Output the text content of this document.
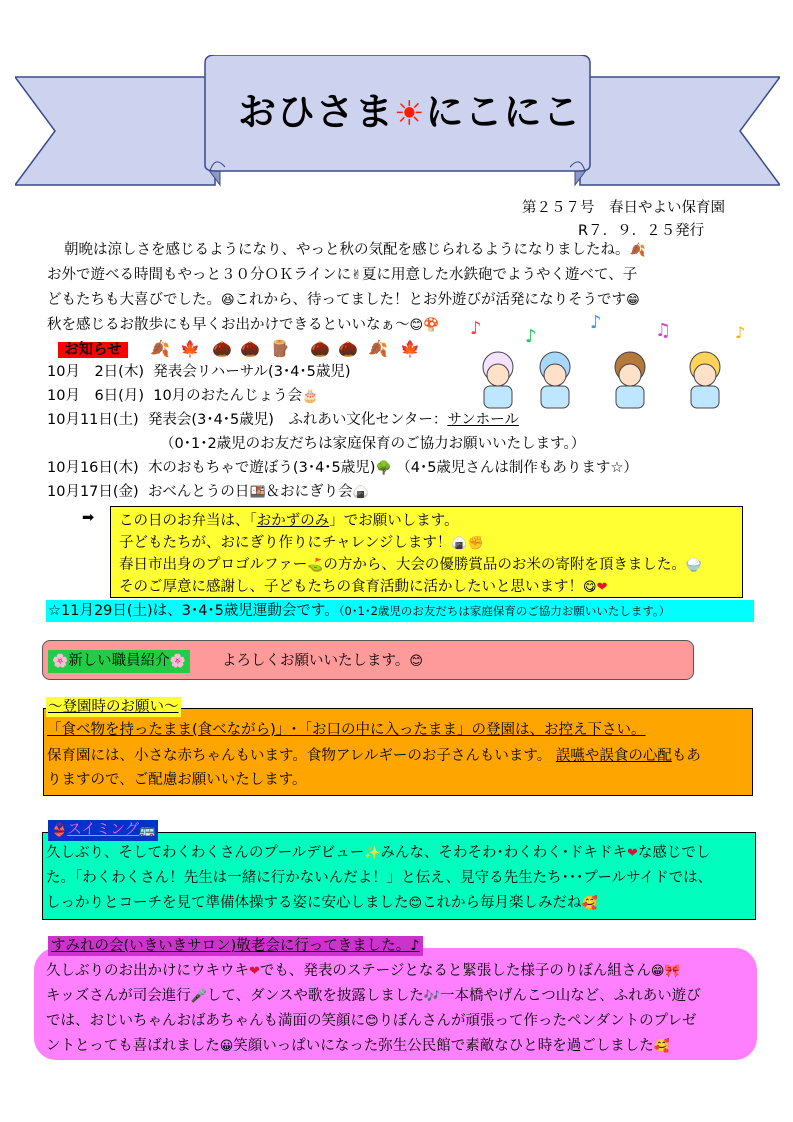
おひさま☀にこにこ
第２５７号　春日やよい保育園
R７．９．２５発行
朝晩は涼しさを感じるようになり、やっと秋の気配を感じられるようになりましたね。🍂
お外で遊べる時間もやっと３０分ＯＫラインに✌夏に用意した水鉄砲でようやく遊べて、子
どもたちも大喜びでした。😆これから、待ってました！とお外遊びが活発になりそうです😁
秋を感じるお散歩にも早くお出かけできるといいなぁ～😊🍄 ♪ ♪
♪	♫	♪
お知らせ	🍂 🍁 🌰 🌰 🪵 🌰 🌰 🍂 🍁
10月　2日(木) 発表会リハーサル(3･4･5歳児)
10月　6日(月) 10月のおたんじょう会🎂
10月11日(土) 発表会(3･4･5歳児)　ふれあい文化センター：サンホール
（0･1･2歳児のお友だちは家庭保育のご協力お願いいたします。）
10月16日(木) 木のおもちゃで遊ぼう(3･4･5歳児)🌳 （4･5歳児さんは制作もあります☆）
10月17日(金) おべんとうの日🍱＆おにぎり会🍙
➡ この日のお弁当は、「おかずのみ」でお願いします。
子どもたちが、おにぎり作りにチャレンジします！🍙✊
春日市出身のプロゴルファー⛳の方から、大会の優勝賞品のお米の寄附を頂きました。🍚
そのご厚意に感謝し、子どもたちの食育活動に活かしたいと思います！😋❤
☆11月29日(土)は、3･4･5歳児運動会です。（0･1･2歳児のお友だちは家庭保育のご協力お願いいたします。）
🌸新しい職員紹介🌸 よろしくお願いいたします。😊
～登園時のお願い～
「食べ物を持ったまま(食べながら)」･「お口の中に入ったまま」の登園は、お控え下さい。
保育園には、小さな赤ちゃんもいます。食物アレルギーのお子さんもいます。 誤嚥や誤食の心配もあ
りますので、ご配慮お願いいたします。
👙スイミング🚌
久しぶり、そしてわくわくさんのプールデビュー✨みんな、そわそわ･わくわく･ドキドキ❤な感じでし
た。「わくわくさん！先生は一緒に行かないんだよ！」と伝え、見守る先生たち･･･プールサイドでは、
しっかりとコーチを見て準備体操する姿に安心しました😊これから毎月楽しみだね🥰
すみれの会(いきいきサロン)敬老会に行ってきました。♪
久しぶりのお出かけにウキウキ❤でも、発表のステージとなると緊張した様子のりぼん組さん😁🎀
キッズさんが司会進行🎤して、ダンスや歌を披露しました🎶一本橋やげんこつ山など、ふれあい遊び
では、おじいちゃんおばあちゃんも満面の笑顔に😊りぼんさんが頑張って作ったペンダントのプレゼ
ントとっても喜ばれました😀笑顔いっぱいになった弥生公民館で素敵なひと時を過ごしました🥰
